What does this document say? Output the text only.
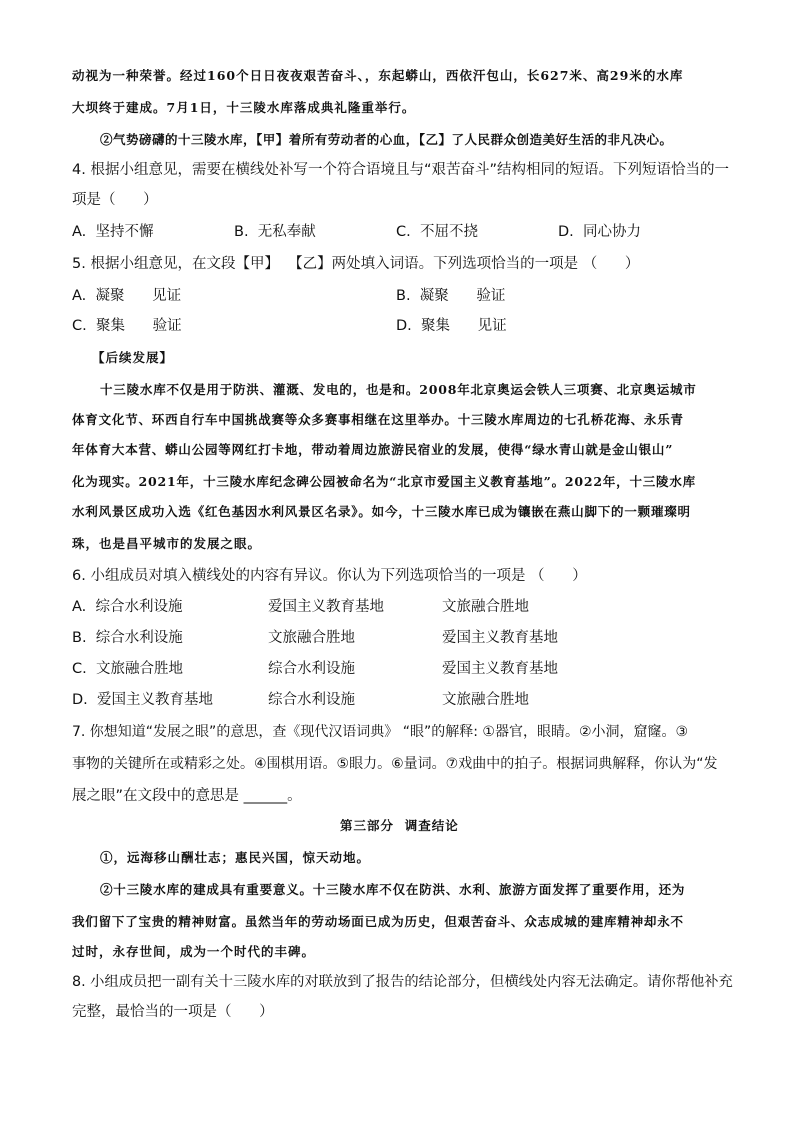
动视为一种荣誉。经过160个日日夜夜艰苦奋斗、，东起蟒山，西依汗包山，长627米、高29米的水库
大坝终于建成。7月1日，十三陵水库落成典礼隆重举行。
②气势磅礴的十三陵水库，【甲】着所有劳动者的心血，【乙】了人民群众创造美好生活的非凡决心。
4. 根据小组意见，需要在横线处补写一个符合语境且与“艰苦奋斗”结构相同的短语。下列短语恰当的一
项是（      ）
A.  坚持不懈	B.  无私奉献	C.  不屈不挠	D.  同心协力
5. 根据小组意见，在文段【甲】  【乙】两处填入词语。下列选项恰当的一项是 （      ）
A.  凝聚      见证	B.  凝聚      验证
C.  聚集      验证	D.  聚集      见证
【后续发展】
十三陵水库不仅是用于防洪、灌溉、发电的，也是和。2008年北京奥运会铁人三项赛、北京奥运城市
体育文化节、环西自行车中国挑战赛等众多赛事相继在这里举办。十三陵水库周边的七孔桥花海、永乐青
年体育大本营、蟒山公园等网红打卡地，带动着周边旅游民宿业的发展，使得“绿水青山就是金山银山”
化为现实。2021年，十三陵水库纪念碑公园被命名为“北京市爱国主义教育基地”。2022年，十三陵水库
水利风景区成功入选《红色基因水利风景区名录》。如今，十三陵水库已成为镶嵌在燕山脚下的一颗璀璨明
珠，也是昌平城市的发展之眼。
6. 小组成员对填入横线处的内容有异议。你认为下列选项恰当的一项是 （      ）
A.  综合水利设施	爱国主义教育基地	文旅融合胜地
B.  综合水利设施	文旅融合胜地	爱国主义教育基地
C.  文旅融合胜地	综合水利设施	爱国主义教育基地
D.  爱国主义教育基地	综合水利设施	文旅融合胜地
7. 你想知道“发展之眼”的意思，查《现代汉语词典》 “眼”的解释: ①器官，眼睛。②小洞，窟窿。③
事物的关键所在或精彩之处。④围棋用语。⑤眼力。⑥量词。⑦戏曲中的拍子。根据词典解释，你认为“发
展之眼”在文段中的意思是 ______。
第三部分  调查结论
①，远海移山酬壮志；惠民兴国，惊天动地。
②十三陵水库的建成具有重要意义。十三陵水库不仅在防洪、水利、旅游方面发挥了重要作用，还为
我们留下了宝贵的精神财富。虽然当年的劳动场面已成为历史，但艰苦奋斗、众志成城的建库精神却永不
过时，永存世间，成为一个时代的丰碑。
8. 小组成员把一副有关十三陵水库的对联放到了报告的结论部分，但横线处内容无法确定。请你帮他补充
完整，最恰当的一项是（      ）
